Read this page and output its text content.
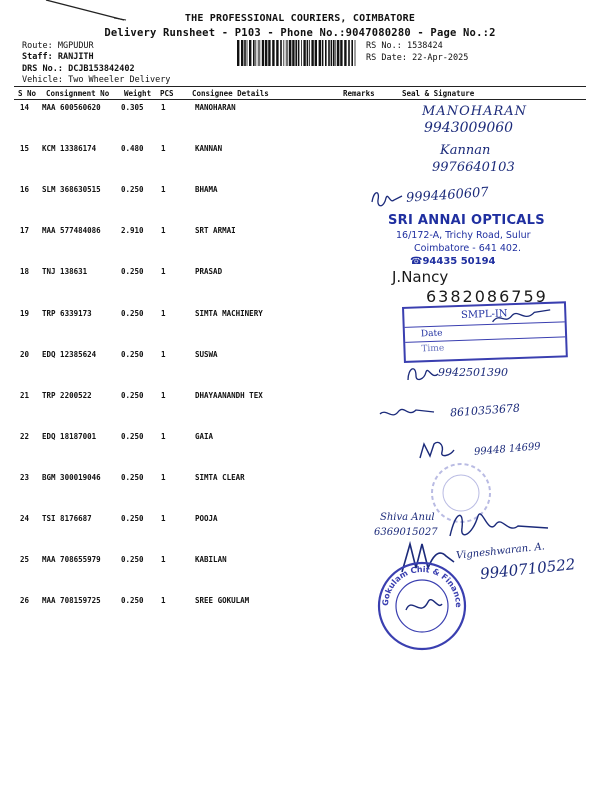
THE PROFESSIONAL COURIERS, COIMBATORE
Delivery Runsheet - P103 - Phone No.:9047080280 - Page No.:2
Route: MGPUDUR
Staff: RANJITH
DRS No.: DCJB153842402
Vehicle: Two Wheeler Delivery
RS No.: 1538424
RS Date: 22-Apr-2025
S No Consignment No Weight PCS Consignee Details	Remarks	Seal & Signature
14 MAA 600560620	0.305 1	MANOHARAN
15 KCM 13386174	0.480 1	KANNAN
16 SLM 368630515	0.250 1	BHAMA
17 MAA 577484086	2.910 1	SRT ARMAI
18 TNJ 138631	0.250 1	PRASAD
19 TRP 6339173	0.250 1	SIMTA MACHINERY
20 EDQ 12385624	0.250 1	SUSWA
21 TRP 2200522	0.250 1	DHAYAANANDH TEX
22 EDQ 18187001	0.250 1	GAIA
23 BGM 300019046	0.250 1	SIMTA CLEAR
24 TSI 8176687	0.250 1	POOJA
25 MAA 708655979	0.250 1	KABILAN
26 MAA 708159725	0.250 1	SREE GOKULAM
MANOHARAN
9943009060
Kannan
9976640103
9994460607
SRI ANNAI OPTICALS
16/172-A, Trichy Road, Sulur
Coimbatore - 641 402.
☎94435 50194
J.Nancy
6382086759
SMPL-IN
Date
Time
9942501390
8610353678
99448 14699
Shiva Anul
6369015027
Vigneshwaran. A.
9940710522
Gokulam Chit & Finance
